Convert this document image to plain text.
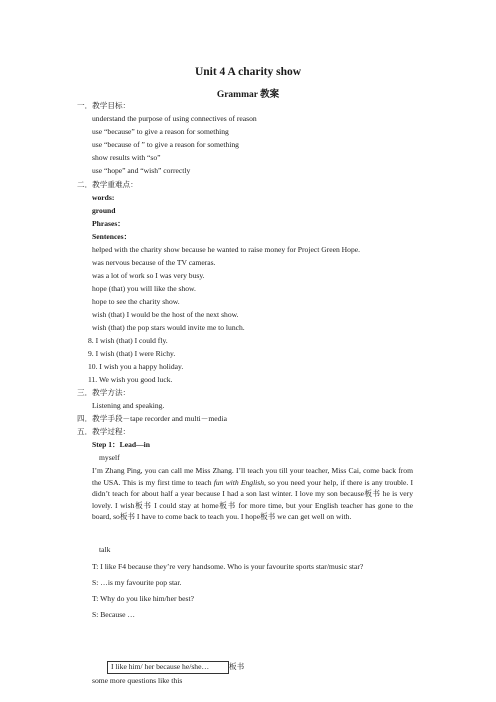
Unit 4 A charity show
Grammar 教案
一．教学目标：
understand the purpose of using connectives of reason
use “because” to give a reason for something
use “because of ” to give a reason for something
show results with “so”
use “hope” and “wish” correctly
二．教学重难点：
words:
ground
Phrases：
Sentences：
helped with the charity show because he wanted to raise money for Project Green Hope.
was nervous because of the TV cameras.
was a lot of work so I was very busy.
hope (that) you will like the show.
hope to see the charity show.
wish (that) I would be the host of the next show.
wish (that) the pop stars would invite me to lunch.
8. I wish (that) I could fly.
9. I wish (that) I were Richy.
10. I wish you a happy holiday.
11. We wish you good luck.
三．教学方法：
Listening and speaking.
四．教学手段－tape recorder and multi－media
五．教学过程：
Step 1：Lead—in
myself
I’m Zhang Ping, you can call me Miss Zhang. I’ll teach you till your teacher, Miss Cai, come back from the USA. This is my first time to teach fun with English, so you need your help, if there is any trouble. I didn’t teach for about half a year because I had a son last winter. I love my son because板书 he is very lovely. I wish板书 I could stay at home板书 for more time, but your English teacher has gone to the board, so板书 I have to come back to teach you. I hope板书 we can get well on with.
talk
T: I like F4 because they’re very handsome. Who is your favourite sports star/music star?
S: …is my favourite pop star.
T: Why do you like him/her best?
S: Because …
I like him/ her because he/she…	板书
some more questions like this
